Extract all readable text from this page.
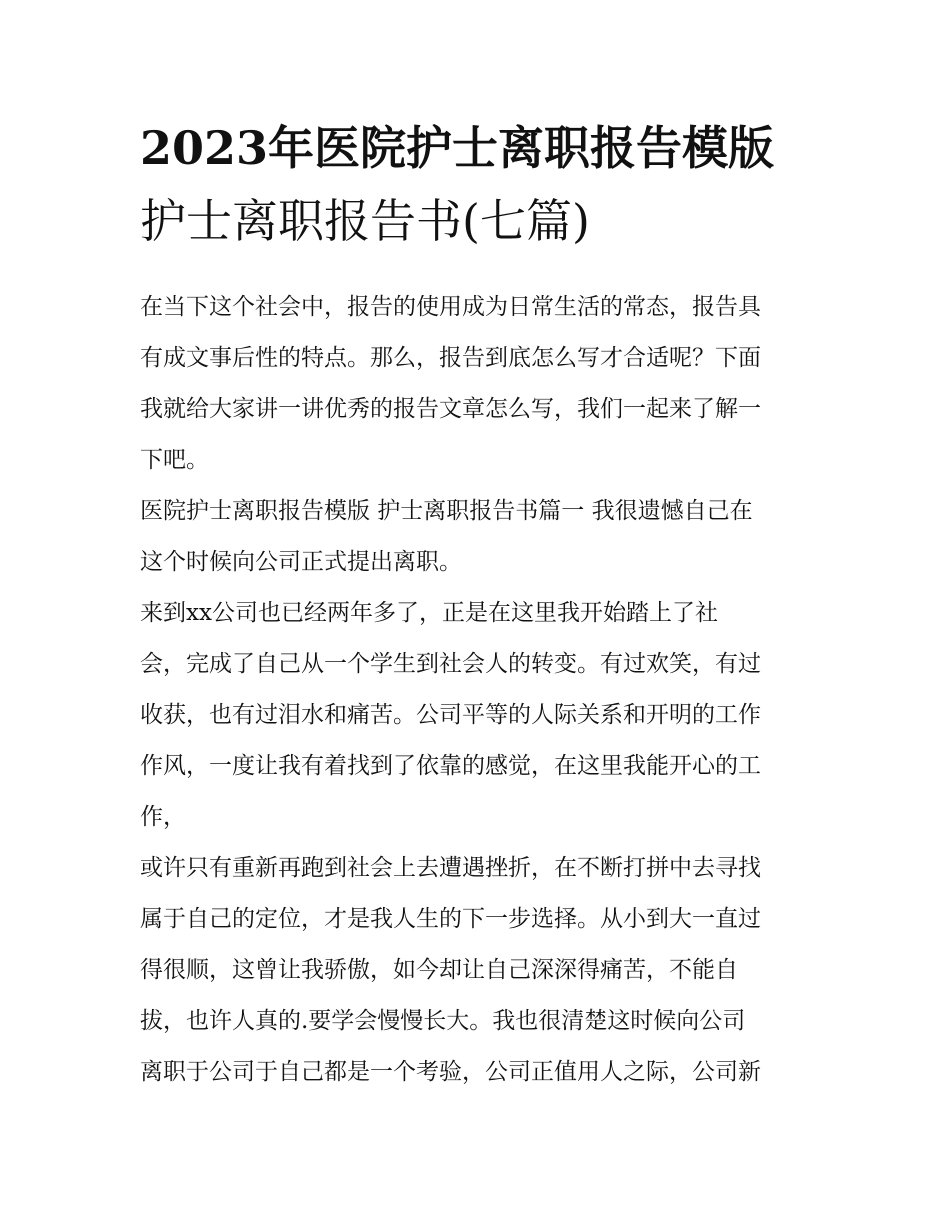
2023年医院护士离职报告模版
护士离职报告书(七篇)

在当下这个社会中，报告的使用成为日常生活的常态，报告具
有成文事后性的特点。那么，报告到底怎么写才合适呢？下面
我就给大家讲一讲优秀的报告文章怎么写，我们一起来了解一
下吧。

医院护士离职报告模版 护士离职报告书篇一 我很遗憾自己在
这个时候向公司正式提出离职。

来到xx公司也已经两年多了，正是在这里我开始踏上了社
会，完成了自己从一个学生到社会人的转变。有过欢笑，有过
收获，也有过泪水和痛苦。公司平等的人际关系和开明的工作
作风，一度让我有着找到了依靠的感觉，在这里我能开心的工
作，

或许只有重新再跑到社会上去遭遇挫折，在不断打拼中去寻找
属于自己的定位，才是我人生的下一步选择。从小到大一直过
得很顺，这曾让我骄傲，如今却让自己深深得痛苦，不能自
拔，也许人真的.要学会慢慢长大。我也很清楚这时候向公司
离职于公司于自己都是一个考验，公司正值用人之际，公司新
